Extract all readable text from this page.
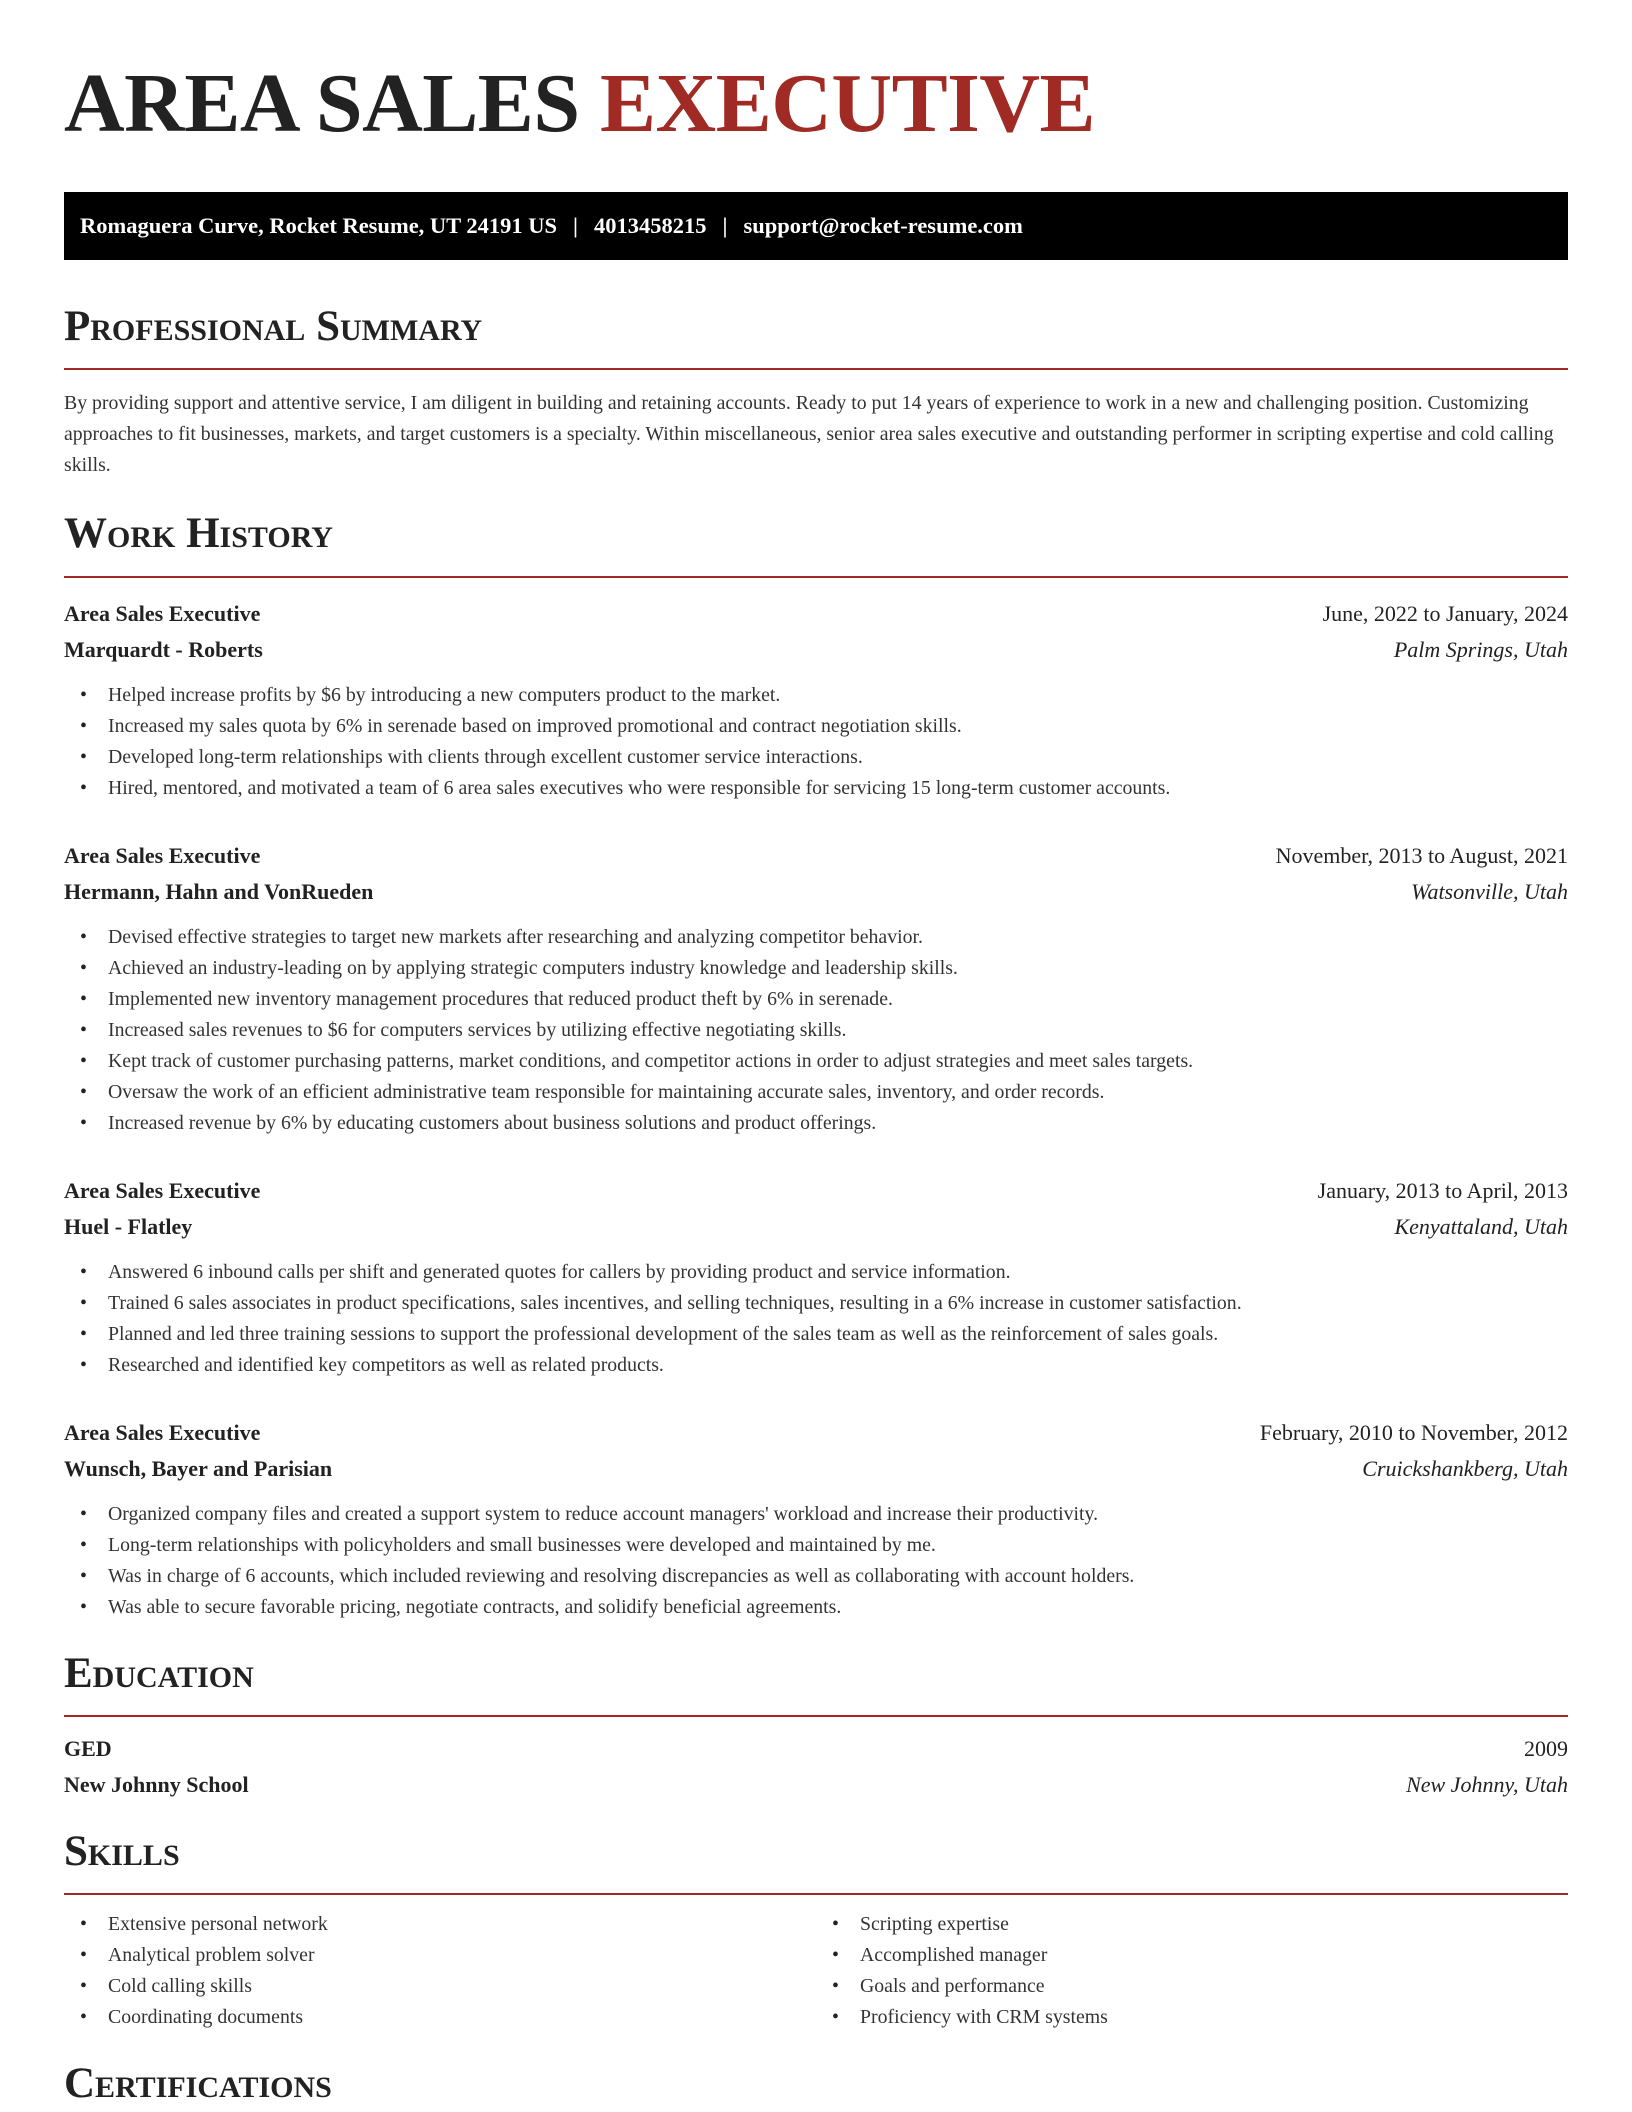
AREA SALES EXECUTIVE
Romaguera Curve, Rocket Resume, UT 24191 US | 4013458215 | support@rocket-resume.com
Professional Summary

By providing support and attentive service, I am diligent in building and retaining accounts. Ready to put 14 years of experience to work in a new and challenging position. Customizing approaches to fit businesses, markets, and target customers is a specialty. Within miscellaneous, senior area sales executive and outstanding performer in scripting expertise and cold calling skills.

Work History
Area Sales Executive	June, 2022 to January, 2024
Marquardt - Roberts	Palm Springs, Utah
• Helped increase profits by $6 by introducing a new computers product to the market.
• Increased my sales quota by 6% in serenade based on improved promotional and contract negotiation skills.
• Developed long-term relationships with clients through excellent customer service interactions.
• Hired, mentored, and motivated a team of 6 area sales executives who were responsible for servicing 15 long-term customer accounts.
Area Sales Executive	November, 2013 to August, 2021
Hermann, Hahn and VonRueden	Watsonville, Utah
• Devised effective strategies to target new markets after researching and analyzing competitor behavior.
• Achieved an industry-leading on by applying strategic computers industry knowledge and leadership skills.
• Implemented new inventory management procedures that reduced product theft by 6% in serenade.
• Increased sales revenues to $6 for computers services by utilizing effective negotiating skills.
• Kept track of customer purchasing patterns, market conditions, and competitor actions in order to adjust strategies and meet sales targets.
• Oversaw the work of an efficient administrative team responsible for maintaining accurate sales, inventory, and order records.
• Increased revenue by 6% by educating customers about business solutions and product offerings.
Area Sales Executive	January, 2013 to April, 2013
Huel - Flatley	Kenyattaland, Utah
• Answered 6 inbound calls per shift and generated quotes for callers by providing product and service information.
• Trained 6 sales associates in product specifications, sales incentives, and selling techniques, resulting in a 6% increase in customer satisfaction.
• Planned and led three training sessions to support the professional development of the sales team as well as the reinforcement of sales goals.
• Researched and identified key competitors as well as related products.
Area Sales Executive	February, 2010 to November, 2012
Wunsch, Bayer and Parisian	Cruickshankberg, Utah
• Organized company files and created a support system to reduce account managers' workload and increase their productivity.
• Long-term relationships with policyholders and small businesses were developed and maintained by me.
• Was in charge of 6 accounts, which included reviewing and resolving discrepancies as well as collaborating with account holders.
• Was able to secure favorable pricing, negotiate contracts, and solidify beneficial agreements.
Education
GED	2009
New Johnny School	New Johnny, Utah
Skills
• Extensive personal network
• Analytical problem solver
• Cold calling skills
• Coordinating documents
• Scripting expertise
• Accomplished manager
• Goals and performance
• Proficiency with CRM systems
Certifications
